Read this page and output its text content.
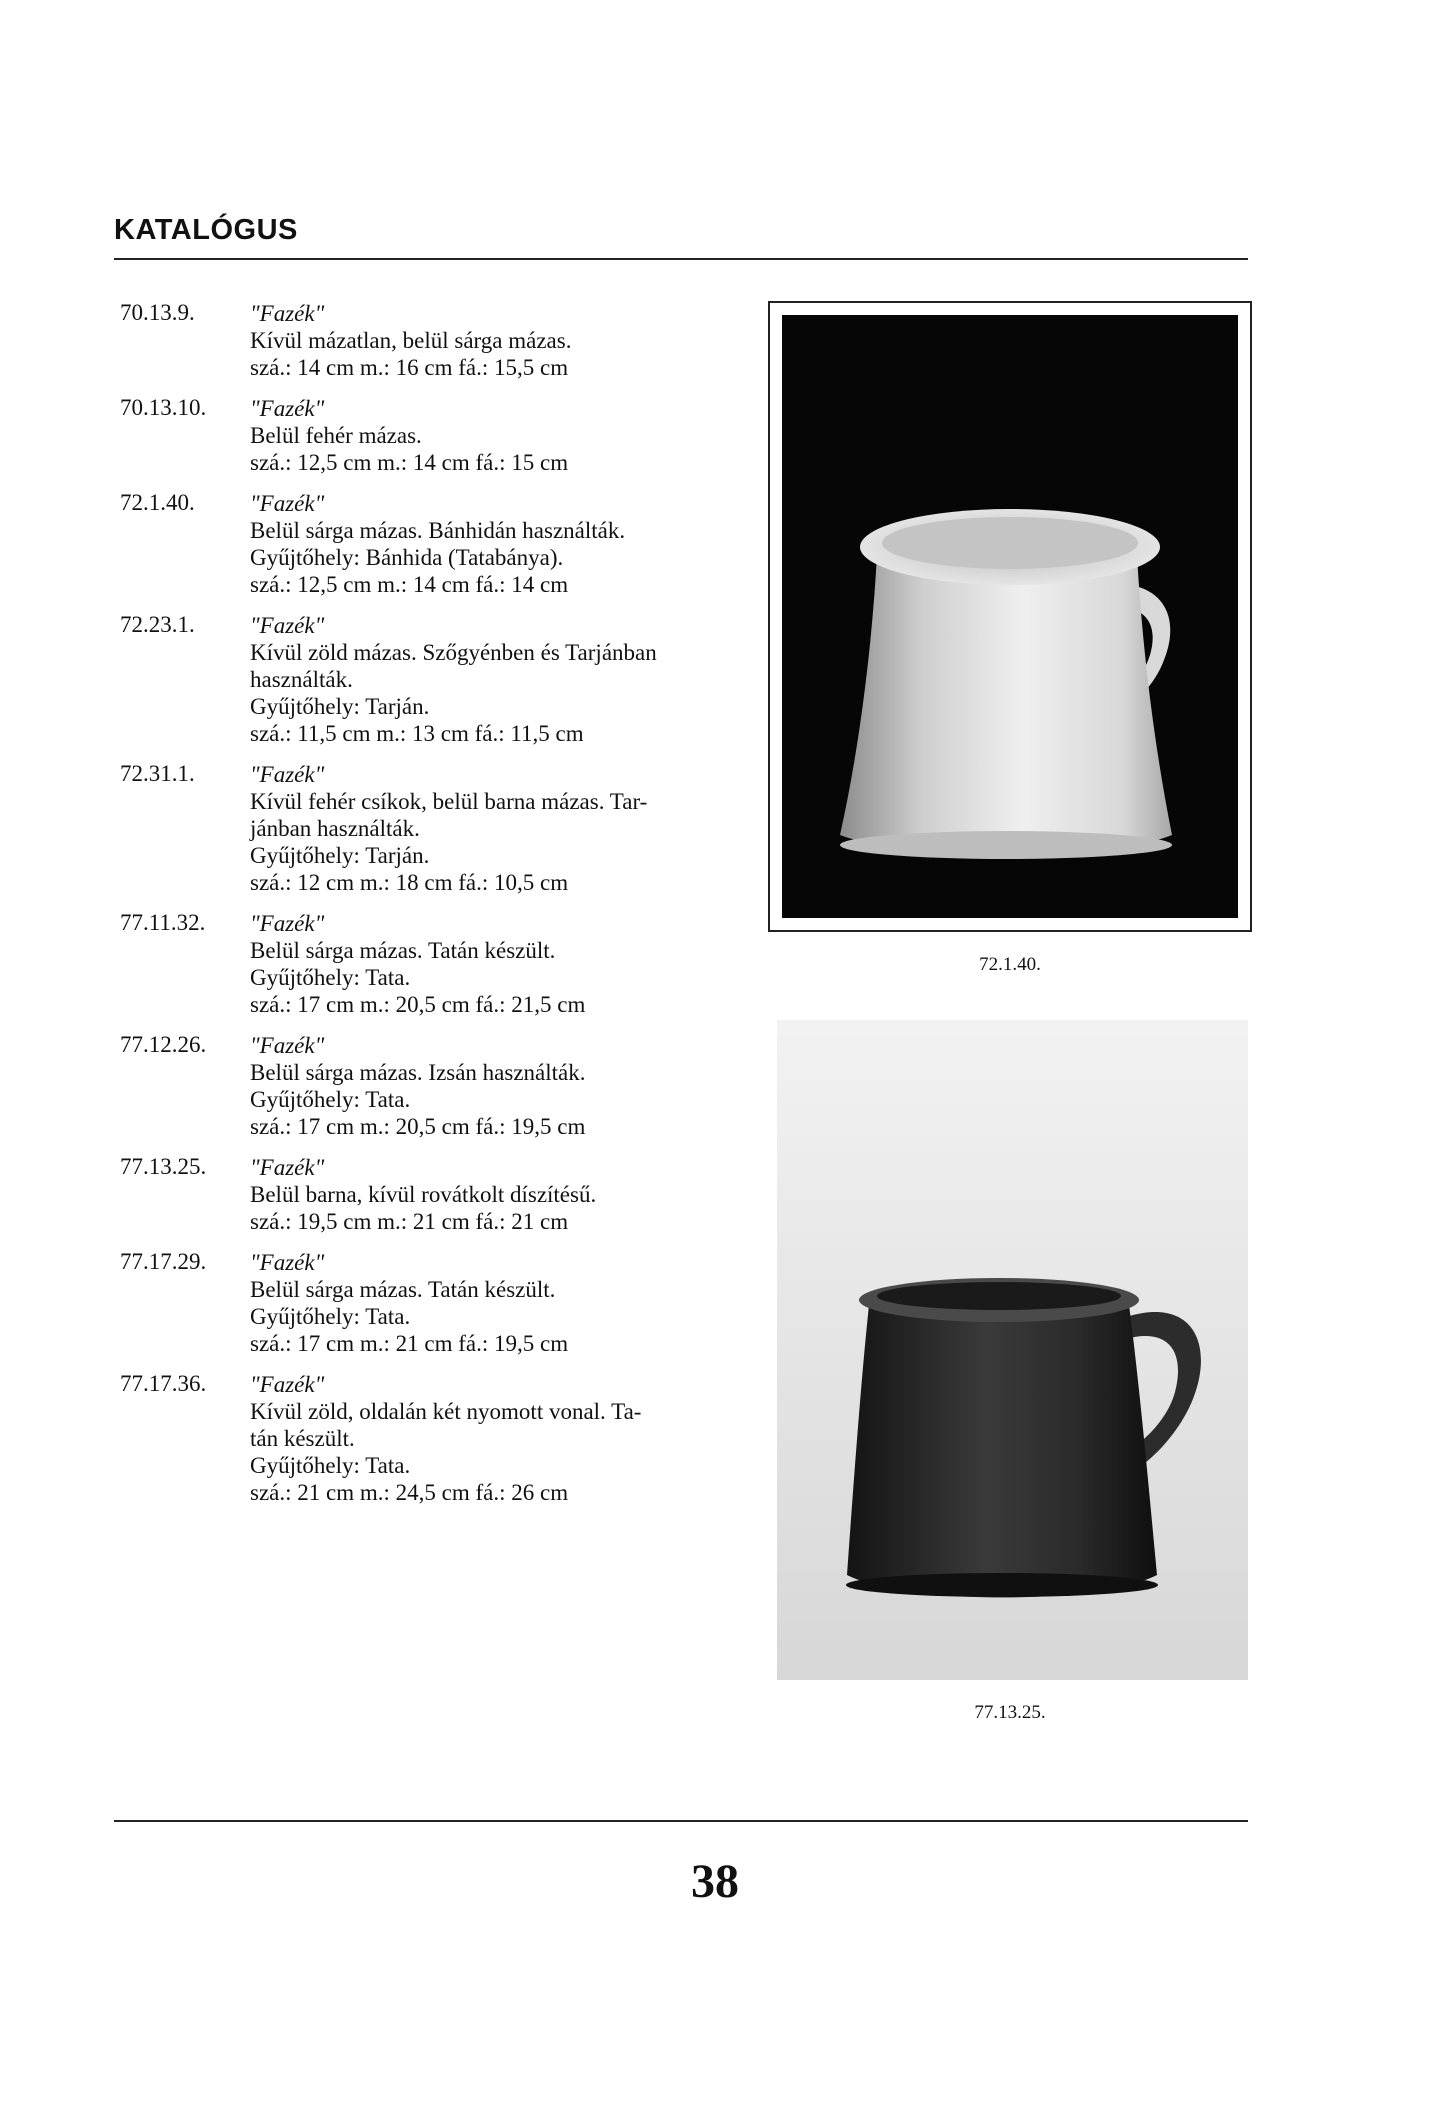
KATALÓGUS
70.13.9. "Fazék"
Kívül mázatlan, belül sárga mázas.
szá.: 14 cm m.: 16 cm fá.: 15,5 cm
70.13.10. "Fazék"
Belül fehér mázas.
szá.: 12,5 cm m.: 14 cm fá.: 15 cm
72.1.40. "Fazék"
Belül sárga mázas. Bánhidán használták.
Gyűjtőhely: Bánhida (Tatabánya).
szá.: 12,5 cm m.: 14 cm fá.: 14 cm
72.23.1. "Fazék"
Kívül zöld mázas. Szőgyénben és Tarjánban
használták.
Gyűjtőhely: Tarján.
szá.: 11,5 cm m.: 13 cm fá.: 11,5 cm
72.31.1. "Fazék"
Kívül fehér csíkok, belül barna mázas. Tar-
jánban használták.
Gyűjtőhely: Tarján.
szá.: 12 cm m.: 18 cm fá.: 10,5 cm
77.11.32. "Fazék"
Belül sárga mázas. Tatán készült.
Gyűjtőhely: Tata.
szá.: 17 cm m.: 20,5 cm fá.: 21,5 cm
77.12.26. "Fazék"
Belül sárga mázas. Izsán használták.
Gyűjtőhely: Tata.
szá.: 17 cm m.: 20,5 cm fá.: 19,5 cm
77.13.25. "Fazék"
Belül barna, kívül rovátkolt díszítésű.
szá.: 19,5 cm m.: 21 cm fá.: 21 cm
77.17.29. "Fazék"
Belül sárga mázas. Tatán készült.
Gyűjtőhely: Tata.
szá.: 17 cm m.: 21 cm fá.: 19,5 cm
77.17.36. "Fazék"
Kívül zöld, oldalán két nyomott vonal. Ta-
tán készült.
Gyűjtőhely: Tata.
szá.: 21 cm m.: 24,5 cm fá.: 26 cm
72.1.40.
77.13.25.
38
